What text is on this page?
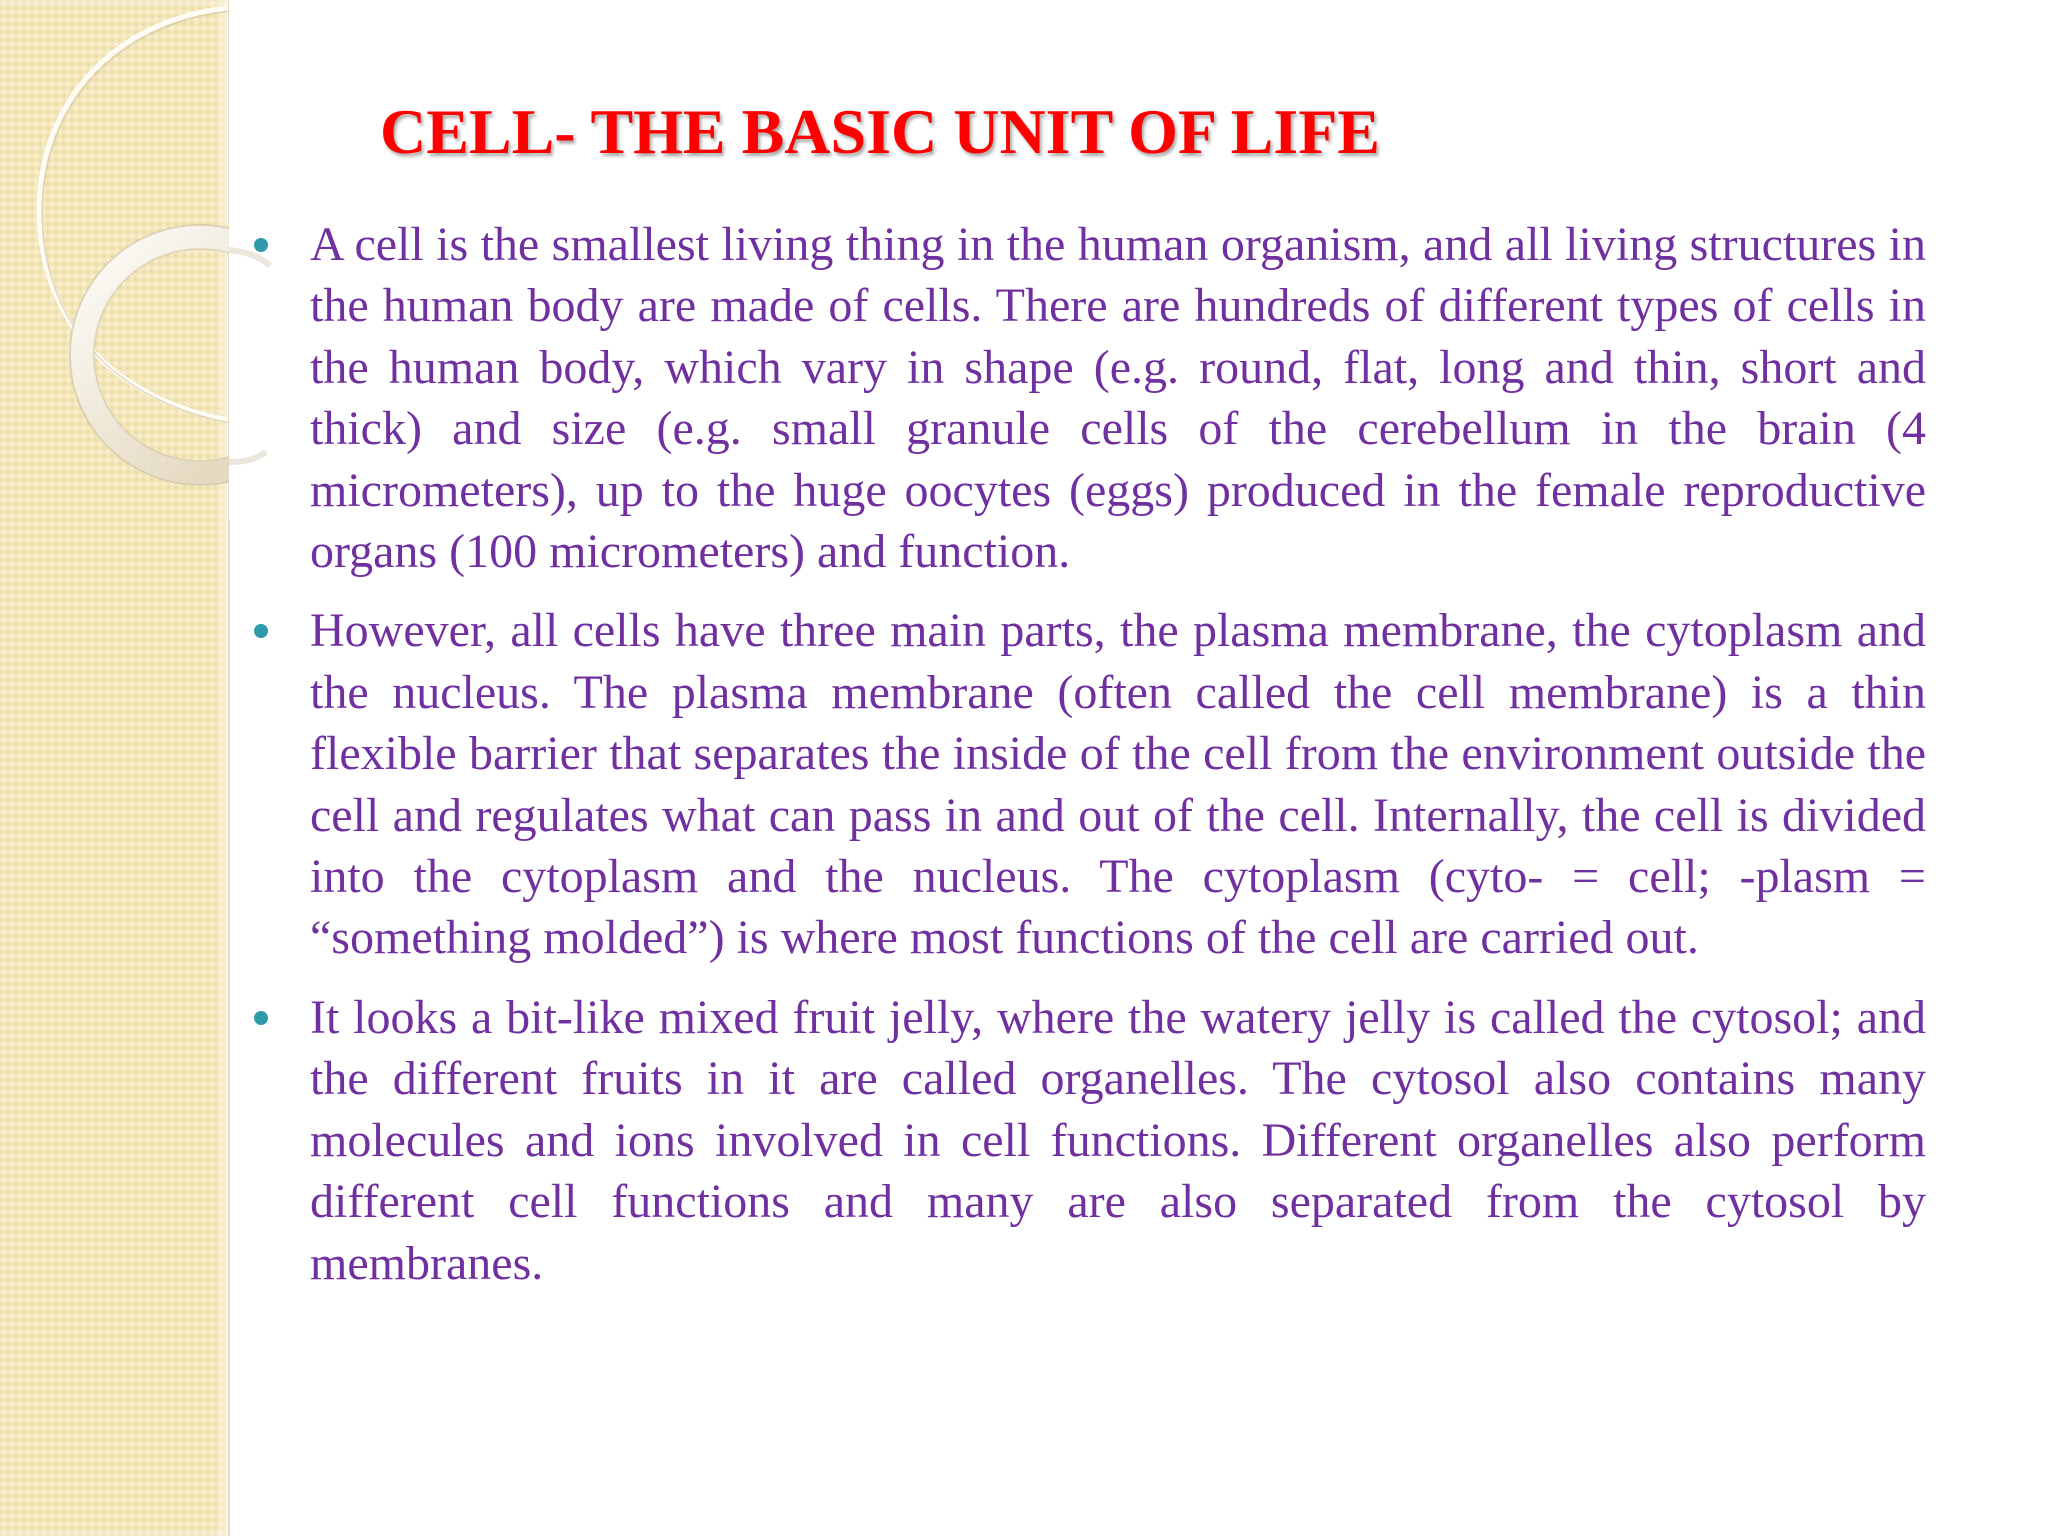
CELL- THE BASIC UNIT OF LIFE
A cell is the smallest living thing in the human organism, and all living structures in the human body are made of cells. There are hundreds of different types of cells in the human body, which vary in shape (e.g. round, flat, long and thin, short and thick) and size (e.g. small granule cells of the cerebellum in the brain (4 micrometers), up to the huge oocytes (eggs) produced in the female reproductive organs (100 micrometers) and function.
However, all cells have three main parts, the plasma membrane, the cytoplasm and the nucleus. The plasma membrane (often called the cell membrane) is a thin flexible barrier that separates the inside of the cell from the environment outside the cell and regulates what can pass in and out of the cell. Internally, the cell is divided into the cytoplasm and the nucleus. The cytoplasm (cyto- = cell; -plasm = “something molded”) is where most functions of the cell are carried out.
It looks a bit-like mixed fruit jelly, where the watery jelly is called the cytosol; and the different fruits in it are called organelles. The cytosol also contains many molecules and ions involved in cell functions. Different organelles also perform different cell functions and many are also separated from the cytosol by membranes.
